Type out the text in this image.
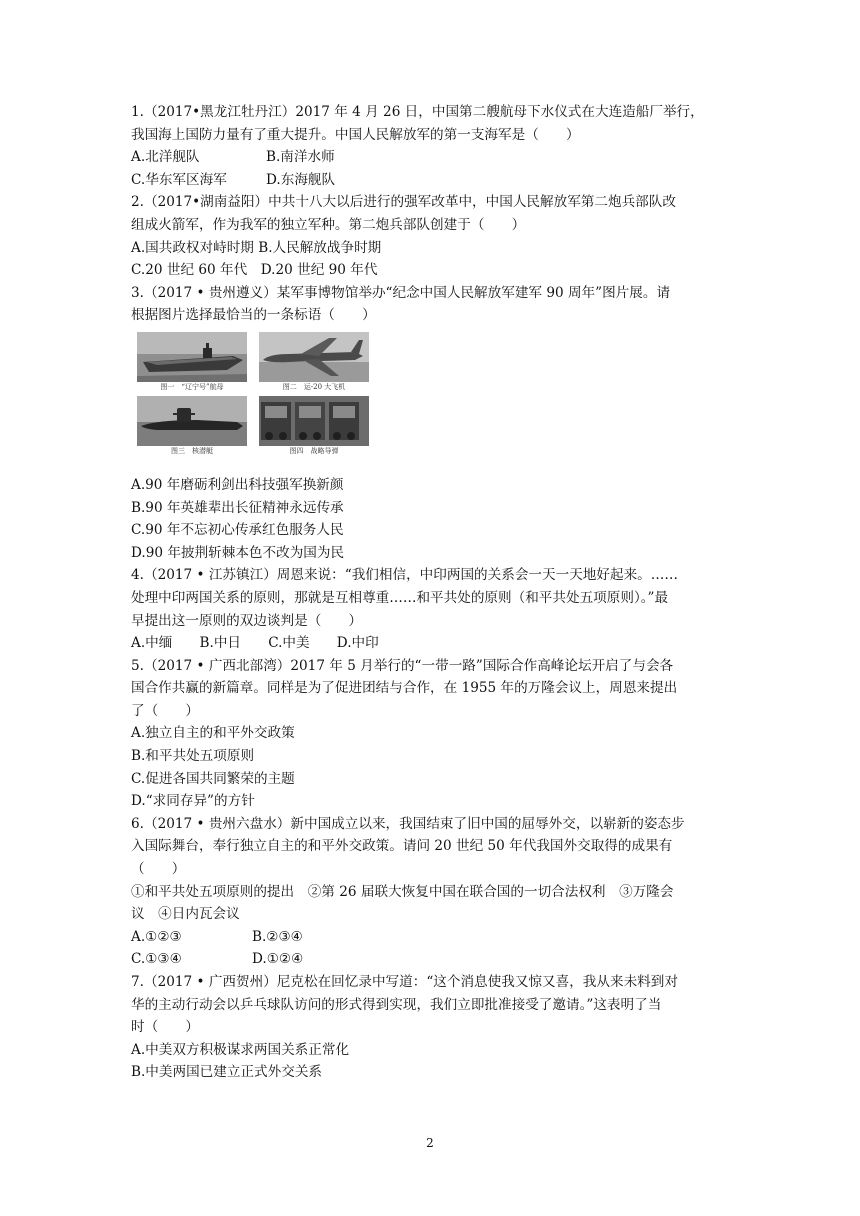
1.（2017•黑龙江牡丹江）2017 年 4 月 26 日，中国第二艘航母下水仪式在大连造船厂举行，
我国海上国防力量有了重大提升。中国人民解放军的第一支海军是（　　）
A.北洋舰队	B.南洋水师
C.华东军区海军	D.东海舰队
2.（2017•湖南益阳）中共十八大以后进行的强军改革中，中国人民解放军第二炮兵部队改
组成火箭军，作为我军的独立军种。第二炮兵部队创建于（　　）
A.国共政权对峙时期 B.人民解放战争时期
C.20 世纪 60 年代　D.20 世纪 90 年代
3.（2017 • 贵州遵义）某军事博物馆举办“纪念中国人民解放军建军 90 周年”图片展。请
根据图片选择最恰当的一条标语（　　）
图一　“辽宁号”航母	图二　运-20 大飞机
图三　核潜艇	图四　战略导弹
A.90 年磨砺利剑出科技强军换新颜
B.90 年英雄辈出长征精神永远传承
C.90 年不忘初心传承红色服务人民
D.90 年披荆斩棘本色不改为国为民
4.（2017 • 江苏镇江）周恩来说：“我们相信，中印两国的关系会一天一天地好起来。……
处理中印两国关系的原则，那就是互相尊重……和平共处的原则（和平共处五项原则）。”最
早提出这一原则的双边谈判是（　　）
A.中缅　　B.中日　　C.中美　　D.中印
5.（2017 • 广西北部湾）2017 年 5 月举行的“一带一路”国际合作高峰论坛开启了与会各
国合作共赢的新篇章。同样是为了促进团结与合作，在 1955 年的万隆会议上，周恩来提出
了（　　）
A.独立自主的和平外交政策
B.和平共处五项原则
C.促进各国共同繁荣的主题
D.“求同存异”的方针
6.（2017 • 贵州六盘水）新中国成立以来，我国结束了旧中国的屈辱外交，以崭新的姿态步
入国际舞台，奉行独立自主的和平外交政策。请问 20 世纪 50 年代我国外交取得的成果有
（　　）
①和平共处五项原则的提出　②第 26 届联大恢复中国在联合国的一切合法权利　③万隆会
议　④日内瓦会议
A.①②③	B.②③④
C.①③④	D.①②④
7.（2017 • 广西贺州）尼克松在回忆录中写道：“这个消息使我又惊又喜，我从来未料到对
华的主动行动会以乒乓球队访问的形式得到实现，我们立即批准接受了邀请。”这表明了当
时（　　）
A.中美双方积极谋求两国关系正常化
B.中美两国已建立正式外交关系
2
